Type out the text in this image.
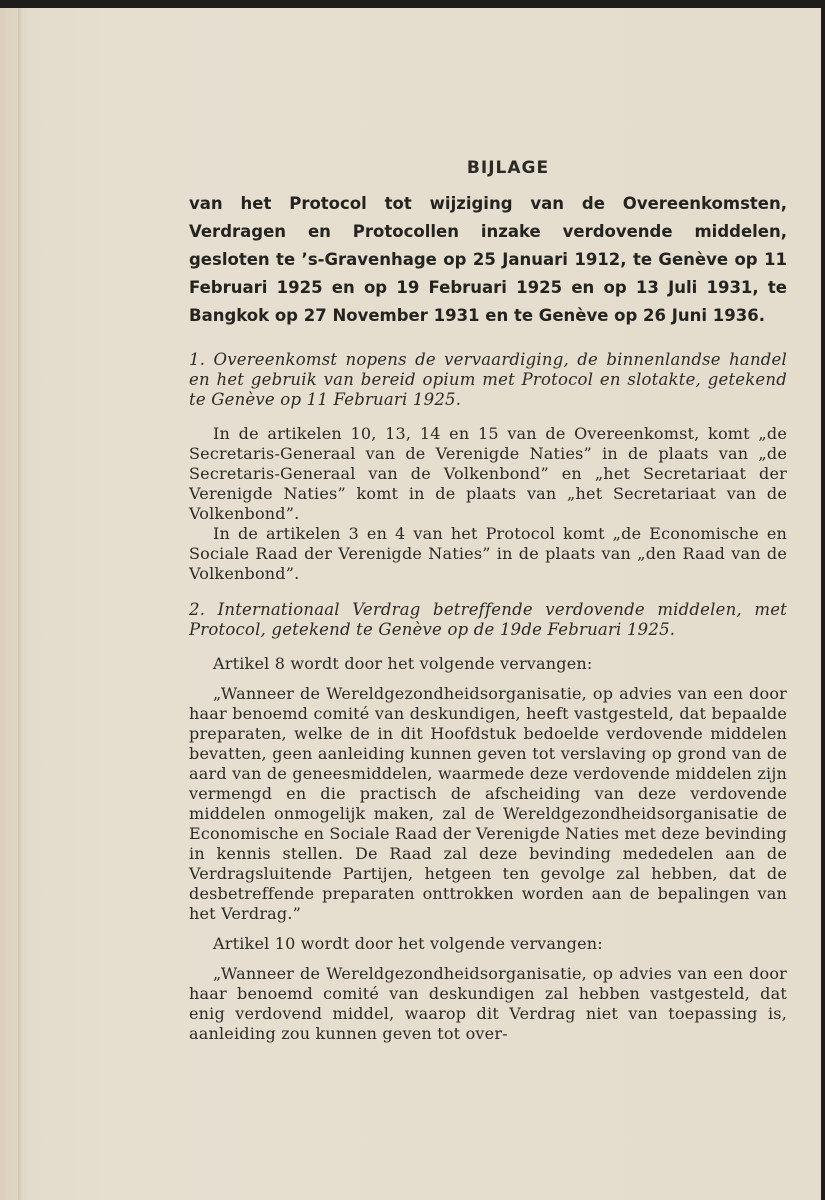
BIJLAGE
van het Protocol tot wijziging van de Overeenkomsten, Verdragen en Protocollen inzake verdovende middelen, gesloten te ’s-Gravenhage op 25 Januari 1912, te Genève op 11 Februari 1925 en op 19 Februari 1925 en op 13 Juli 1931, te Bangkok op 27 November 1931 en te Genève op 26 Juni 1936.
1. Overeenkomst nopens de vervaardiging, de binnenlandse handel en het gebruik van bereid opium met Protocol en slotakte, getekend te Genève op 11 Februari 1925.

In de artikelen 10, 13, 14 en 15 van de Overeenkomst, komt „de Secretaris-Generaal van de Verenigde Naties” in de plaats van „de Secretaris-Generaal van de Volkenbond” en „het Secretariaat der Verenigde Naties” komt in de plaats van „het Secretariaat van de Volkenbond”.

In de artikelen 3 en 4 van het Protocol komt „de Economische en Sociale Raad der Verenigde Naties” in de plaats van „den Raad van de Volkenbond”.

2. Internationaal Verdrag betreffende verdovende middelen, met Protocol, getekend te Genève op de 19de Februari 1925.

Artikel 8 wordt door het volgende vervangen:

„Wanneer de Wereldgezondheidsorganisatie, op advies van een door haar benoemd comité van deskundigen, heeft vastgesteld, dat bepaalde preparaten, welke de in dit Hoofdstuk bedoelde verdovende middelen bevatten, geen aanleiding kunnen geven tot verslaving op grond van de aard van de geneesmiddelen, waarmede deze verdovende middelen zijn vermengd en die practisch de afscheiding van deze verdovende middelen onmogelijk maken, zal de Wereldgezondheidsorganisatie de Economische en Sociale Raad der Verenigde Naties met deze bevinding in kennis stellen. De Raad zal deze bevinding mededelen aan de Verdragsluitende Partijen, hetgeen ten gevolge zal hebben, dat de desbetreffende preparaten onttrokken worden aan de bepalingen van het Verdrag.”

Artikel 10 wordt door het volgende vervangen:

„Wanneer de Wereldgezondheidsorganisatie, op advies van een door haar benoemd comité van deskundigen zal hebben vastgesteld, dat enig verdovend middel, waarop dit Verdrag niet van toepassing is, aanleiding zou kunnen geven tot over-
